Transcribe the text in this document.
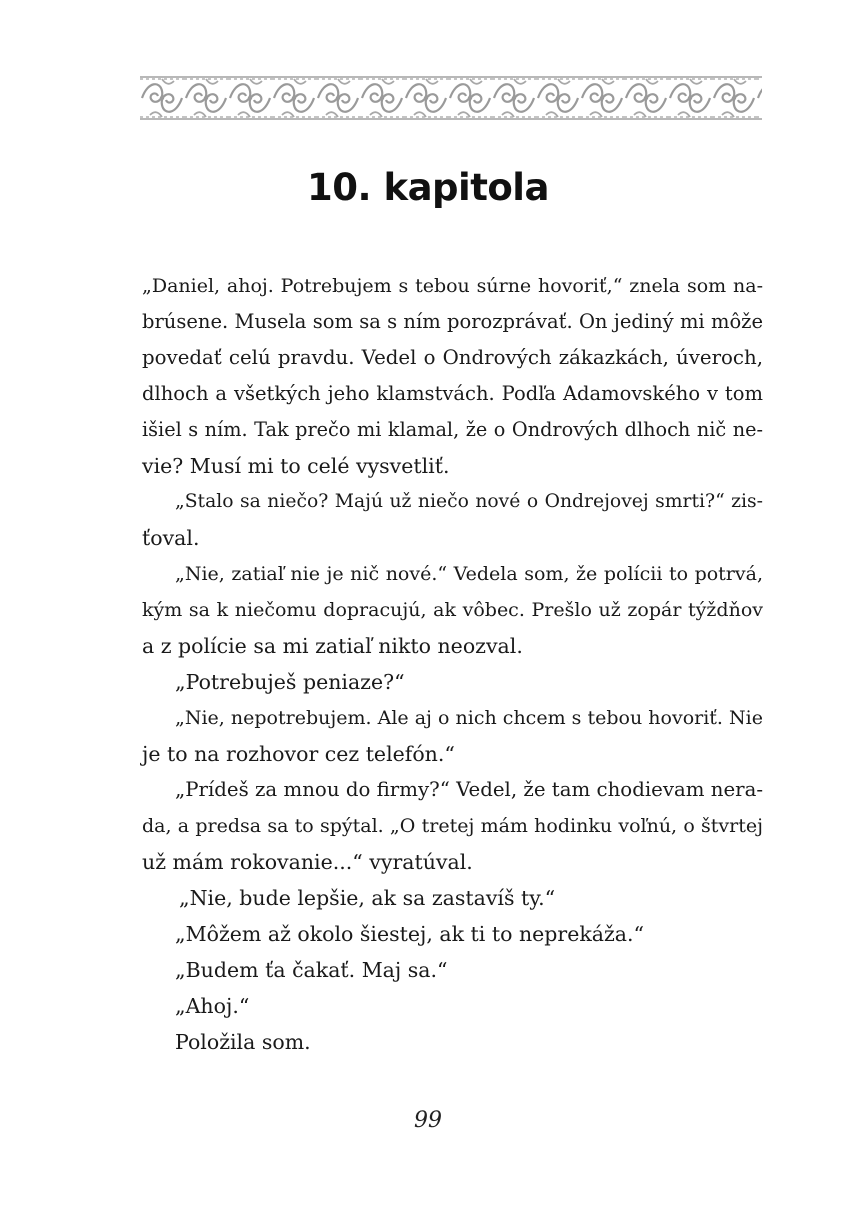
10. kapitola
„Daniel, ahoj. Potrebujem s tebou súrne hovoriť,“ znela som na-
brúsene. Musela som sa s ním porozprávať. On jediný mi môže
povedať celú pravdu. Vedel o Ondrových zákazkách, úveroch,
dlhoch a všetkých jeho klamstvách. Podľa Adamovského v tom
išiel s ním. Tak prečo mi klamal, že o Ondrových dlhoch nič ne-
vie? Musí mi to celé vysvetliť.
„Stalo sa niečo? Majú už niečo nové o Ondrejovej smrti?“ zis-
ťoval.
„Nie, zatiaľ nie je nič nové.“ Vedela som, že polícii to potrvá,
kým sa k niečomu dopracujú, ak vôbec. Prešlo už zopár týždňov
a z polície sa mi zatiaľ nikto neozval.
„Potrebuješ peniaze?“
„Nie, nepotrebujem. Ale aj o nich chcem s tebou hovoriť. Nie
je to na rozhovor cez telefón.“
„Prídeš za mnou do firmy?“ Vedel, že tam chodievam nera-
da, a predsa sa to spýtal. „O tretej mám hodinku voľnú, o štvrtej
už mám rokovanie...“ vyratúval.
„Nie, bude lepšie, ak sa zastavíš ty.“
„Môžem až okolo šiestej, ak ti to neprekáža.“
„Budem ťa čakať. Maj sa.“
„Ahoj.“
Položila som.
99
